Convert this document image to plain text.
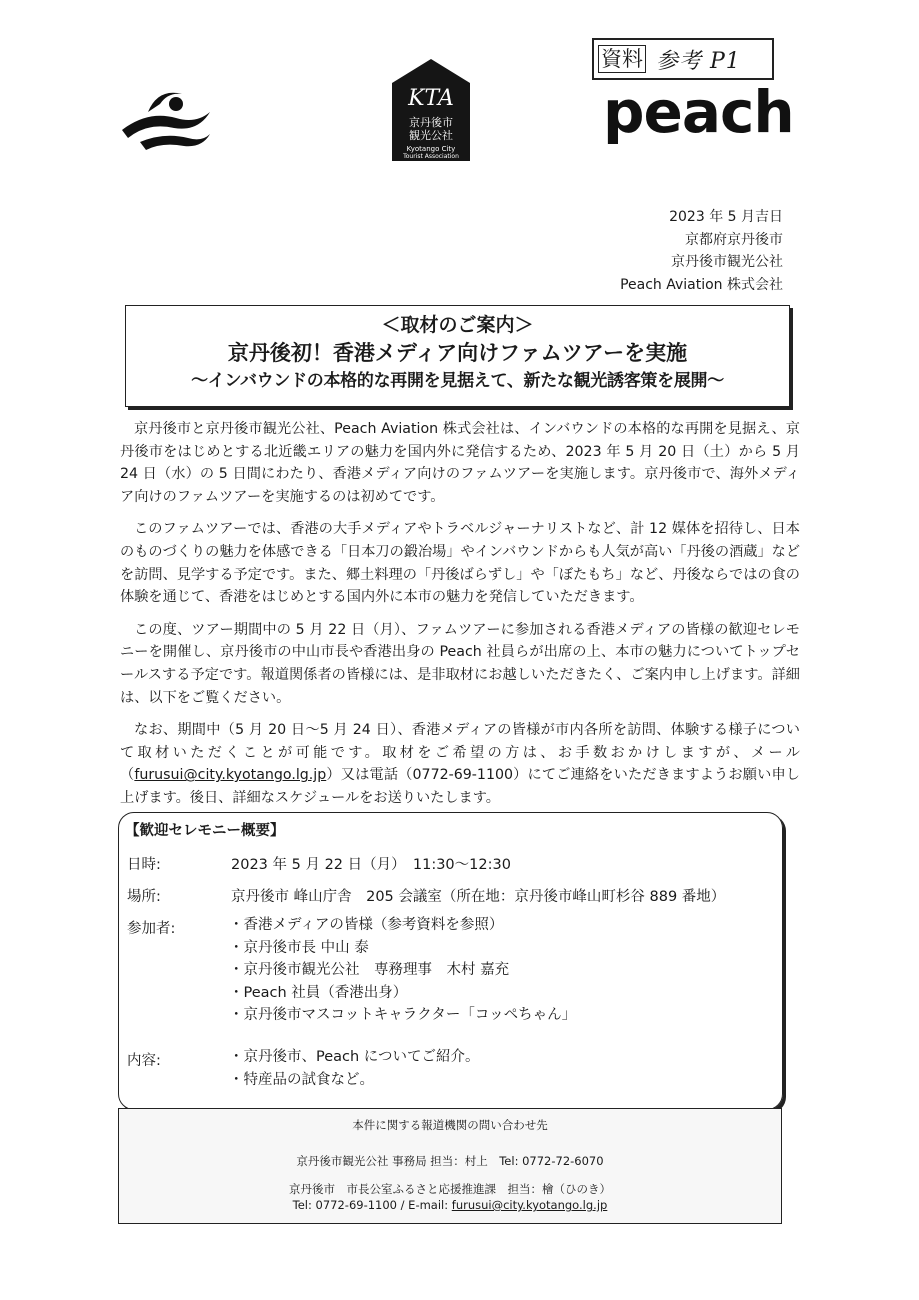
資料 参考 P1
KTA
京丹後市
観光公社
Kyotango City
Tourist Association
peach
2023 年 5 月吉日
京都府京丹後市
京丹後市観光公社
Peach Aviation 株式会社
＜取材のご案内＞
京丹後初！香港メディア向けファムツアーを実施
～インバウンドの本格的な再開を見据えて、新たな観光誘客策を展開～

京丹後市と京丹後市観光公社、Peach Aviation 株式会社は、インバウンドの本格的な再開を見据え、京丹後市をはじめとする北近畿エリアの魅力を国内外に発信するため、2023 年 5 月 20 日（土）から 5 月 24 日（水）の 5 日間にわたり、香港メディア向けのファムツアーを実施します。京丹後市で、海外メディア向けのファムツアーを実施するのは初めてです。

このファムツアーでは、香港の大手メディアやトラベルジャーナリストなど、計 12 媒体を招待し、日本のものづくりの魅力を体感できる「日本刀の鍛冶場」やインバウンドからも人気が高い「丹後の酒蔵」などを訪問、見学する予定です。また、郷土料理の「丹後ばらずし」や「ぼたもち」など、丹後ならではの食の体験を通じて、香港をはじめとする国内外に本市の魅力を発信していただきます。

この度、ツアー期間中の 5 月 22 日（月）、ファムツアーに参加される香港メディアの皆様の歓迎セレモニーを開催し、京丹後市の中山市長や香港出身の Peach 社員らが出席の上、本市の魅力についてトップセールスする予定です。報道関係者の皆様には、是非取材にお越しいただきたく、ご案内申し上げます。詳細は、以下をご覧ください。

なお、期間中（5 月 20 日～5 月 24 日）、香港メディアの皆様が市内各所を訪問、体験する様子について取材いただくことが可能です。取材をご希望の方は、お手数おかけしますが、メール（furusui@city.kyotango.lg.jp）又は電話（0772-69-1100）にてご連絡をいただきますようお願い申し上げます。後日、詳細なスケジュールをお送りいたします。

【歓迎セレモニー概要】
日時:	2023 年 5 月 22 日（月）　11:30～12:30
場所:	京丹後市 峰山庁舎　205 会議室（所在地：京丹後市峰山町杉谷 889 番地）
参加者:	・香港メディアの皆様（参考資料を参照）
・京丹後市長 中山 泰
・京丹後市観光公社　専務理事　木村 嘉充
・Peach 社員（香港出身）
・京丹後市マスコットキャラクター「コッペちゃん」
内容:	・京丹後市、Peach についてご紹介。
・特産品の試食など。
本件に関する報道機関の問い合わせ先
京丹後市観光公社 事務局 担当：村上　Tel: 0772-72-6070
京丹後市　市長公室ふるさと応援推進課　担当：檜（ひのき）
Tel: 0772-69-1100 / E-mail: furusui@city.kyotango.lg.jp
